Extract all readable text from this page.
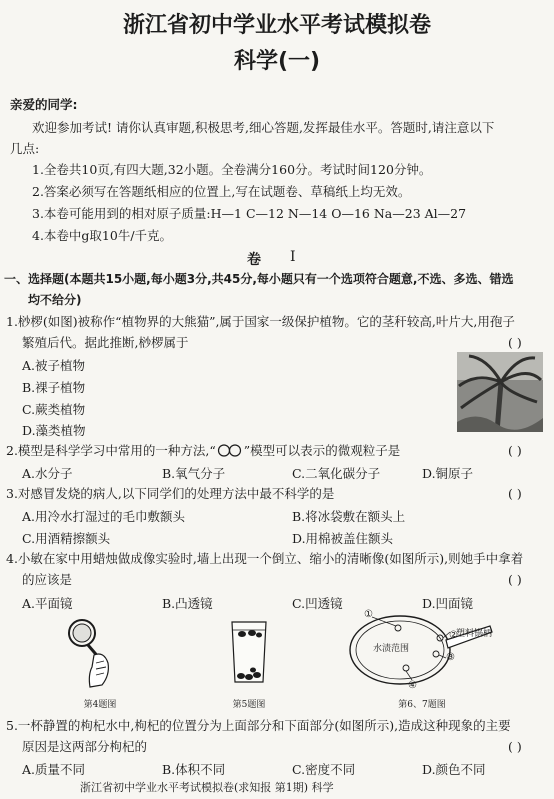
浙江省初中学业水平考试模拟卷
科学(一)
亲爱的同学:
欢迎参加考试! 请你认真审题,积极思考,细心答题,发挥最佳水平。答题时,请注意以下
几点:
1.全卷共10页,有四大题,32小题。全卷满分160分。考试时间120分钟。
2.答案必须写在答题纸相应的位置上,写在试题卷、草稿纸上均无效。
3.本卷可能用到的相对原子质量:H—1 C—12 N—14 O—16 Na—23 Al—27
4.本卷中g取10牛/千克。
卷 I
一、选择题(本题共15小题,每小题3分,共45分,每小题只有一个选项符合题意,不选、多选、错选
均不给分)
1.桫椤(如图)被称作“植物界的大熊猫”,属于国家一级保护植物。它的茎秆较高,叶片大,用孢子
繁殖后代。据此推断,桫椤属于	( )
A.被子植物
B.裸子植物
C.蕨类植物
D.藻类植物
2.模型是科学学习中常用的一种方法,“ ”模型可以表示的微观粒子是	( )
A.水分子	B.氧气分子	C.二氧化碳分子	D.铜原子
3.对感冒发烧的病人,以下同学们的处理方法中最不科学的是	( )
A.用冷水打湿过的毛巾敷额头	B.将冰袋敷在额头上
C.用酒精擦额头	D.用棉被盖住额头
4.小敏在家中用蜡烛做成像实验时,墙上出现一个倒立、缩小的清晰像(如图所示),则她手中拿着
的应该是	( )
A.平面镜	B.凸透镜	C.凹透镜	D.凹面镜
①
②
③
④
水渍范围
塑料锅柄
第4题图	第5题图	第6、7题图
5.一杯静置的枸杞水中,枸杞的位置分为上面部分和下面部分(如图所示),造成这种现象的主要
原因是这两部分枸杞的	( )
A.质量不同	B.体积不同	C.密度不同	D.颜色不同
浙江省初中学业水平考试模拟卷(求知报 第1期) 科学
